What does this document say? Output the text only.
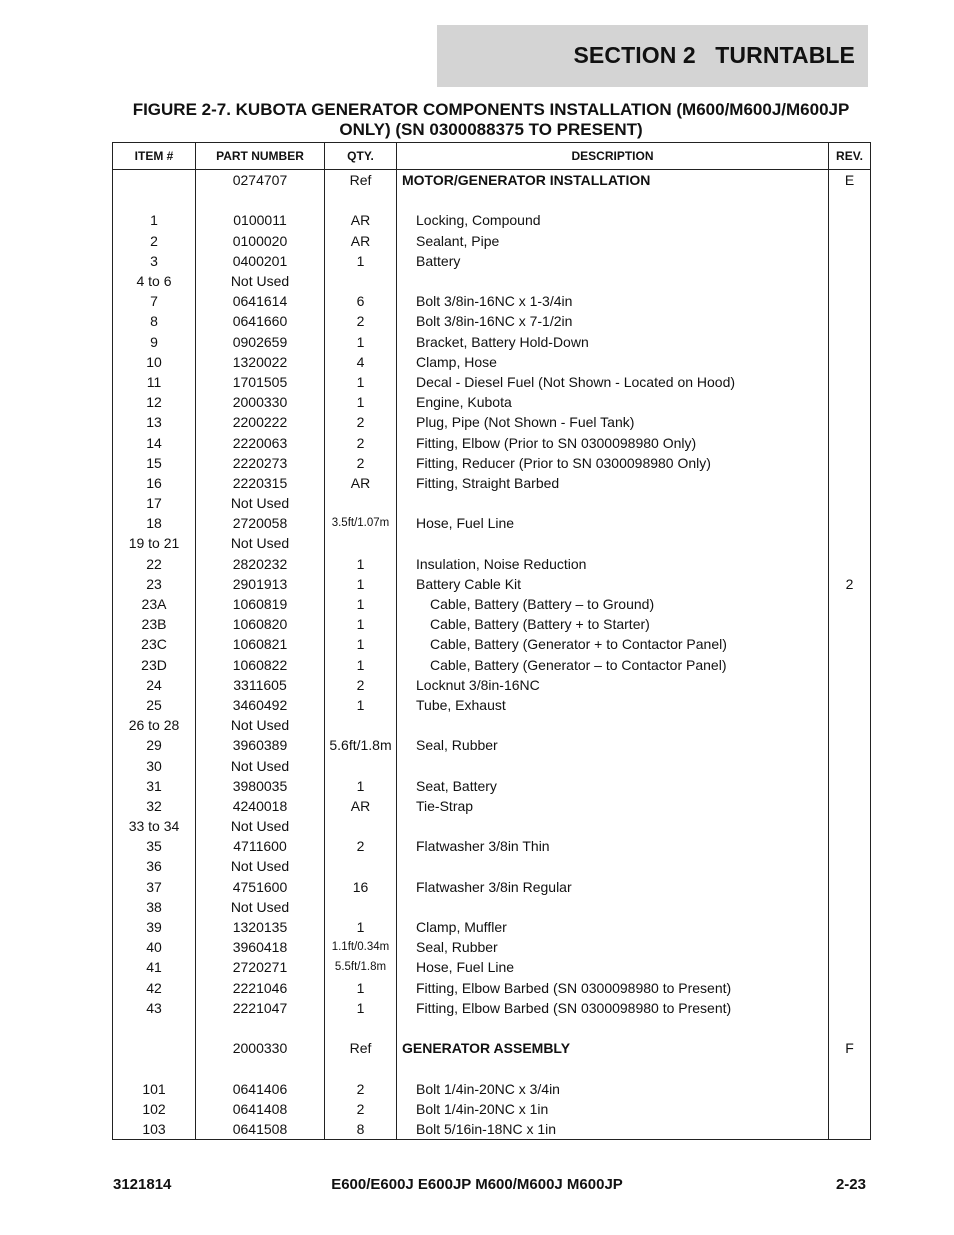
SECTION 2   TURNTABLE
FIGURE 2-7. KUBOTA GENERATOR COMPONENTS INSTALLATION (M600/M600J/M600JP
ONLY) (SN 0300088375 TO PRESENT)
ITEM #	PART NUMBER	QTY.	DESCRIPTION	REV.
	0274707	Ref	MOTOR/GENERATOR INSTALLATION	E

1	0100011	AR	Locking, Compound	
2	0100020	AR	Sealant, Pipe	
3	0400201	1	Battery	
4 to 6	Not Used			
7	0641614	6	Bolt 3/8in-16NC x 1-3/4in	
8	0641660	2	Bolt 3/8in-16NC x 7-1/2in	
9	0902659	1	Bracket, Battery Hold-Down	
10	1320022	4	Clamp, Hose	
11	1701505	1	Decal - Diesel Fuel (Not Shown - Located on Hood)	
12	2000330	1	Engine, Kubota	
13	2200222	2	Plug, Pipe (Not Shown - Fuel Tank)	
14	2220063	2	Fitting, Elbow (Prior to SN 0300098980 Only)	
15	2220273	2	Fitting, Reducer (Prior to SN 0300098980 Only)	
16	2220315	AR	Fitting, Straight Barbed	
17	Not Used			
18	2720058	3.5ft/1.07m	Hose, Fuel Line	
19 to 21	Not Used			
22	2820232	1	Insulation, Noise Reduction	
23	2901913	1	Battery Cable Kit	2
23A	1060819	1	Cable, Battery (Battery – to Ground)	
23B	1060820	1	Cable, Battery (Battery + to Starter)	
23C	1060821	1	Cable, Battery (Generator + to Contactor Panel)	
23D	1060822	1	Cable, Battery (Generator – to Contactor Panel)	
24	3311605	2	Locknut 3/8in-16NC	
25	3460492	1	Tube, Exhaust	
26 to 28	Not Used			
29	3960389	5.6ft/1.8m	Seal, Rubber	
30	Not Used			
31	3980035	1	Seat, Battery	
32	4240018	AR	Tie-Strap	
33 to 34	Not Used			
35	4711600	2	Flatwasher 3/8in Thin	
36	Not Used			
37	4751600	16	Flatwasher 3/8in Regular	
38	Not Used			
39	1320135	1	Clamp, Muffler	
40	3960418	1.1ft/0.34m	Seal, Rubber	
41	2720271	5.5ft/1.8m	Hose, Fuel Line	
42	2221046	1	Fitting, Elbow Barbed (SN 0300098980 to Present)	
43	2221047	1	Fitting, Elbow Barbed (SN 0300098980 to Present)	

	2000330	Ref	GENERATOR ASSEMBLY	F

101	0641406	2	Bolt 1/4in-20NC x 3/4in	
102	0641408	2	Bolt 1/4in-20NC x 1in	
103	0641508	8	Bolt 5/16in-18NC x 1in	
3121814	E600/E600J E600JP M600/M600J M600JP	2-23
